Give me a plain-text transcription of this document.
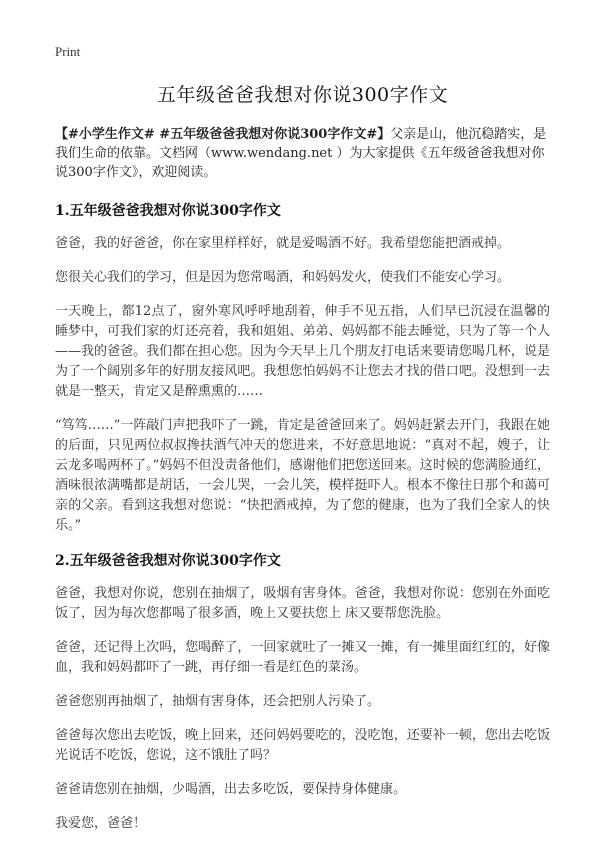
Print
五年级爸爸我想对你说300字作文

【#小学生作文# #五年级爸爸我想对你说300字作文#】父亲是山，他沉稳踏实，是我们生命的依靠。文档网（www.wendang.net ）为大家提供《五年级爸爸我想对你说300字作文》，欢迎阅读。

1.五年级爸爸我想对你说300字作文

爸爸，我的好爸爸，你在家里样样好，就是爱喝酒不好。我希望您能把酒戒掉。

您很关心我们的学习，但是因为您常喝酒，和妈妈发火，使我们不能安心学习。

一天晚上，都12点了，窗外寒风呼呼地刮着，伸手不见五指，人们早已沉浸在温馨的睡梦中，可我们家的灯还亮着，我和姐姐、弟弟、妈妈都不能去睡觉，只为了等一个人——我的爸爸。我们都在担心您。因为今天早上几个朋友打电话来要请您喝几杯，说是为了一个阔别多年的好朋友接风吧。我想您怕妈妈不让您去才找的借口吧。没想到一去就是一整天，肯定又是醉熏熏的……

“笃笃……”一阵敲门声把我吓了一跳，肯定是爸爸回来了。妈妈赶紧去开门，我跟在她的后面，只见两位叔叔搀扶酒气冲天的您进来，不好意思地说：“真对不起，嫂子，让云龙多喝两杯了。”妈妈不但没责备他们，感谢他们把您送回来。这时候的您满脸通红，酒味很浓满嘴都是胡话，一会儿哭，一会儿笑，模样挺吓人。根本不像往日那个和蔼可亲的父亲。看到这我想对您说：“快把酒戒掉，为了您的健康，也为了我们全家人的快乐。”

2.五年级爸爸我想对你说300字作文

爸爸，我想对你说，您别在抽烟了，吸烟有害身体。爸爸，我想对你说：您别在外面吃饭了，因为每次您都喝了很多酒，晚上又要扶您上 床又要帮您洗脸。

爸爸，还记得上次吗，您喝醉了，一回家就吐了一摊又一摊，有一摊里面红红的，好像血，我和妈妈都吓了一跳，再仔细一看是红色的菜汤。

爸爸您别再抽烟了，抽烟有害身体，还会把别人污染了。

爸爸每次您出去吃饭，晚上回来，还问妈妈要吃的，没吃饱，还要补一顿，您出去吃饭光说话不吃饭，您说，这不饿肚了吗？

爸爸请您别在抽烟，少喝酒，出去多吃饭，要保持身体健康。

我爱您，爸爸！
